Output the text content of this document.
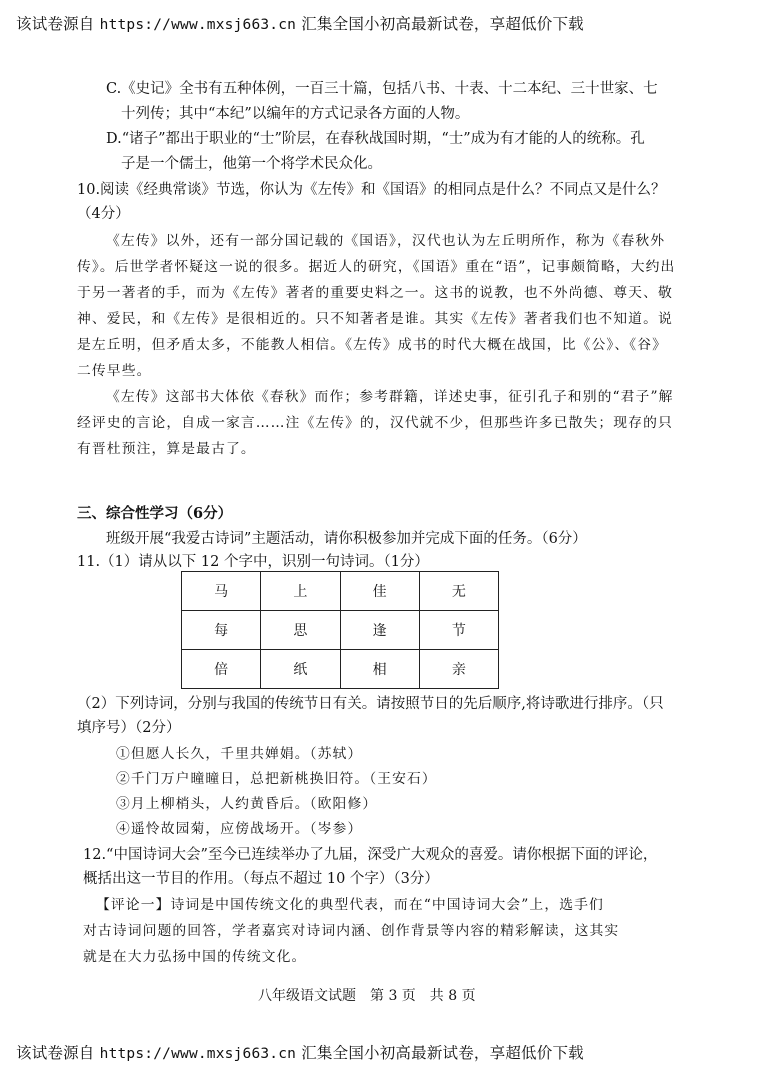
该试卷源自 https://www.mxsj663.cn 汇集全国小初高最新试卷，享超低价下载
C.《史记》全书有五种体例，一百三十篇，包括八书、十表、十二本纪、三十世家、七
十列传；其中“本纪”以编年的方式记录各方面的人物。
D.“诸子”都出于职业的“士”阶层，在春秋战国时期，“士”成为有才能的人的统称。孔
子是一个儒士，他第一个将学术民众化。
10.阅读《经典常谈》节选，你认为《左传》和《国语》的相同点是什么？不同点又是什么？
（4分）
《左传》以外，还有一部分国记载的《国语》，汉代也认为左丘明所作，称为《春秋外
传》。后世学者怀疑这一说的很多。据近人的研究，《国语》重在“语”，记事颇简略，大约出
于另一著者的手，而为《左传》著者的重要史料之一。这书的说教，也不外尚德、尊天、敬
神、爱民，和《左传》是很相近的。只不知著者是谁。其实《左传》著者我们也不知道。说
是左丘明，但矛盾太多，不能教人相信。《左传》成书的时代大概在战国，比《公》、《谷》
二传早些。
《左传》这部书大体依《春秋》而作；参考群籍，详述史事，征引孔子和别的“君子”解
经评史的言论，自成一家言……注《左传》的，汉代就不少，但那些许多已散失；现存的只
有晋杜预注，算是最古了。
三、综合性学习（6分）
班级开展“我爱古诗词”主题活动，请你积极参加并完成下面的任务。（6分）
11.（1）请从以下 12 个字中，识别一句诗词。（1分）
马	上	佳	无
每	思	逢	节
倍	纸	相	亲
（2）下列诗词，分别与我国的传统节日有关。请按照节日的先后顺序,将诗歌进行排序。（只
填序号）（2分）
①但愿人长久，千里共婵娟。（苏轼）
②千门万户曈曈日，总把新桃换旧符。（王安石）
③月上柳梢头，人约黄昏后。（欧阳修）
④遥怜故园菊，应傍战场开。（岑参）
12.“中国诗词大会”至今已连续举办了九届，深受广大观众的喜爱。请你根据下面的评论，
概括出这一节目的作用。（每点不超过 10 个字）（3分）
【评论一】诗词是中国传统文化的典型代表，而在“中国诗词大会”上，选手们
对古诗词问题的回答，学者嘉宾对诗词内涵、创作背景等内容的精彩解读，这其实
就是在大力弘扬中国的传统文化。
八年级语文试题　第 3 页　共 8 页
该试卷源自 https://www.mxsj663.cn 汇集全国小初高最新试卷，享超低价下载
